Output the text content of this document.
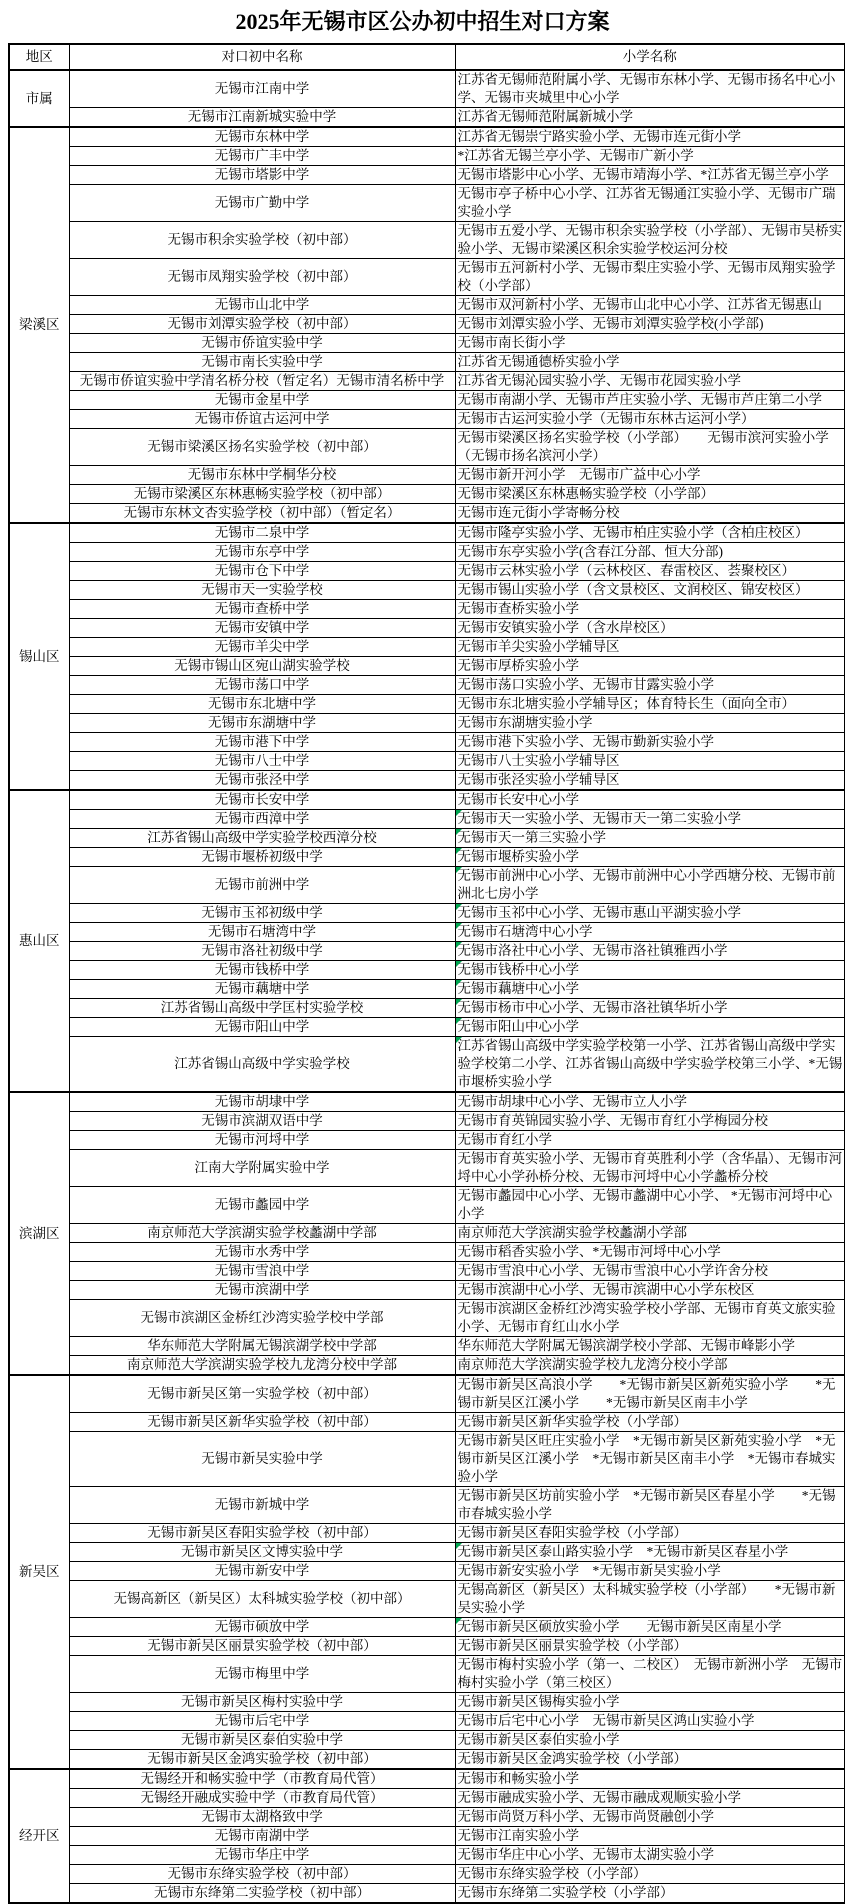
2025年无锡市区公办初中招生对口方案
地区	对口初中名称	小学名称
市属	无锡市江南中学	江苏省无锡师范附属小学、无锡市东林小学、无锡市扬名中心小学、无锡市夹城里中心小学
	无锡市江南新城实验中学	江苏省无锡师范附属新城小学
梁溪区	无锡市东林中学	江苏省无锡崇宁路实验小学、无锡市连元街小学
	无锡市广丰中学	*江苏省无锡兰亭小学、无锡市广新小学
	无锡市塔影中学	无锡市塔影中心小学、无锡市靖海小学、*江苏省无锡兰亭小学
	无锡市广勤中学	无锡市亭子桥中心小学、江苏省无锡通江实验小学、无锡市广瑞实验小学
	无锡市积余实验学校（初中部）	无锡市五爱小学、无锡市积余实验学校（小学部）、无锡市吴桥实验小学、无锡市梁溪区积余实验学校运河分校
	无锡市凤翔实验学校（初中部）	无锡市五河新村小学、无锡市梨庄实验小学、无锡市凤翔实验学校（小学部）
	无锡市山北中学	无锡市双河新村小学、无锡市山北中心小学、江苏省无锡惠山
	无锡市刘潭实验学校（初中部）	无锡市刘潭实验小学、无锡市刘潭实验学校(小学部)
	无锡市侨谊实验中学	无锡市南长街小学
	无锡市南长实验中学	江苏省无锡通德桥实验小学
	无锡市侨谊实验中学清名桥分校（暂定名）无锡市清名桥中学	江苏省无锡沁园实验小学、无锡市花园实验小学
	无锡市金星中学	无锡市南湖小学、无锡市芦庄实验小学、无锡市芦庄第二小学
	无锡市侨谊古运河中学	无锡市古运河实验小学（无锡市东林古运河小学）
	无锡市梁溪区扬名实验学校（初中部）	无锡市梁溪区扬名实验学校（小学部）　　无锡市滨河实验小学（无锡市扬名滨河小学）
	无锡市东林中学桐华分校	无锡市新开河小学　无锡市广益中心小学
	无锡市梁溪区东林惠畅实验学校（初中部）	无锡市梁溪区东林惠畅实验学校（小学部）
	无锡市东林文杏实验学校（初中部）（暂定名）	无锡市连元街小学寄畅分校
锡山区	无锡市二泉中学	无锡市隆亭实验小学、无锡市柏庄实验小学（含柏庄校区）
	无锡市东亭中学	无锡市东亭实验小学(含春江分部、恒大分部)
	无锡市仓下中学	无锡市云林实验小学（云林校区、春雷校区、荟聚校区）
	无锡市天一实验学校	无锡市锡山实验小学（含文景校区、文润校区、锦安校区）
	无锡市查桥中学	无锡市查桥实验小学
	无锡市安镇中学	无锡市安镇实验小学（含水岸校区）
	无锡市羊尖中学	无锡市羊尖实验小学辅导区
	无锡市锡山区宛山湖实验学校	无锡市厚桥实验小学
	无锡市荡口中学	无锡市荡口实验小学、无锡市甘露实验小学
	无锡市东北塘中学	无锡市东北塘实验小学辅导区；体育特长生（面向全市）
	无锡市东湖塘中学	无锡市东湖塘实验小学
	无锡市港下中学	无锡市港下实验小学、无锡市勤新实验小学
	无锡市八士中学	无锡市八士实验小学辅导区
	无锡市张泾中学	无锡市张泾实验小学辅导区
惠山区	无锡市长安中学	无锡市长安中心小学
	无锡市西漳中学	无锡市天一实验小学、无锡市天一第二实验小学
	江苏省锡山高级中学实验学校西漳分校	无锡市天一第三实验小学
	无锡市堰桥初级中学	无锡市堰桥实验小学
	无锡市前洲中学	无锡市前洲中心小学、无锡市前洲中心小学西塘分校、无锡市前洲北七房小学
	无锡市玉祁初级中学	无锡市玉祁中心小学、无锡市惠山平湖实验小学
	无锡市石塘湾中学	无锡市石塘湾中心小学
	无锡市洛社初级中学	无锡市洛社中心小学、无锡市洛社镇雅西小学
	无锡市钱桥中学	无锡市钱桥中心小学
	无锡市藕塘中学	无锡市藕塘中心小学
	江苏省锡山高级中学匡村实验学校	无锡市杨市中心小学、无锡市洛社镇华圻小学
	无锡市阳山中学	无锡市阳山中心小学
	江苏省锡山高级中学实验学校	江苏省锡山高级中学实验学校第一小学、江苏省锡山高级中学实验学校第二小学、江苏省锡山高级中学实验学校第三小学、*无锡市堰桥实验小学
滨湖区	无锡市胡埭中学	无锡市胡埭中心小学、无锡市立人小学
	无锡市滨湖双语中学	无锡市育英锦园实验小学、无锡市育红小学梅园分校
	无锡市河埒中学	无锡市育红小学
	江南大学附属实验中学	无锡市育英实验小学、无锡市育英胜利小学（含华晶）、无锡市河埒中心小学孙桥分校、无锡市河埒中心小学蠡桥分校
	无锡市蠡园中学	无锡市蠡园中心小学、无锡市蠡湖中心小学、 *无锡市河埒中心小学
	南京师范大学滨湖实验学校蠡湖中学部	南京师范大学滨湖实验学校蠡湖小学部
	无锡市水秀中学	无锡市稻香实验小学、*无锡市河埒中心小学
	无锡市雪浪中学	无锡市雪浪中心小学、无锡市雪浪中心小学许舍分校
	无锡市滨湖中学	无锡市滨湖中心小学、无锡市滨湖中心小学东校区
	无锡市滨湖区金桥红沙湾实验学校中学部	无锡市滨湖区金桥红沙湾实验学校小学部、无锡市育英文旅实验小学、无锡市育红山水小学
	华东师范大学附属无锡滨湖学校中学部	华东师范大学附属无锡滨湖学校小学部、无锡市峰影小学
	南京师范大学滨湖实验学校九龙湾分校中学部	南京师范大学滨湖实验学校九龙湾分校小学部
新吴区	无锡市新吴区第一实验学校（初中部）	无锡市新吴区高浪小学　　*无锡市新吴区新苑实验小学　　*无锡市新吴区江溪小学　　*无锡市新吴区南丰小学
	无锡市新吴区新华实验学校（初中部）	无锡市新吴区新华实验学校（小学部）
	无锡市新吴实验中学	无锡市新吴区旺庄实验小学　*无锡市新吴区新苑实验小学　*无锡市新吴区江溪小学　*无锡市新吴区南丰小学　*无锡市春城实验小学
	无锡市新城中学	无锡市新吴区坊前实验小学　*无锡市新吴区春星小学　　*无锡市春城实验小学
	无锡市新吴区春阳实验学校（初中部）	无锡市新吴区春阳实验学校（小学部）
	无锡市新吴区文博实验中学	无锡市新吴区泰山路实验小学　*无锡市新吴区春星小学
	无锡市新安中学	无锡市新安实验小学　*无锡市新吴实验小学
	无锡高新区（新吴区）太科城实验学校（初中部）	无锡高新区（新吴区）太科城实验学校（小学部）　　*无锡市新吴实验小学
	无锡市硕放中学	无锡市新吴区硕放实验小学　　无锡市新吴区南星小学
	无锡市新吴区丽景实验学校（初中部）	无锡市新吴区丽景实验学校（小学部）
	无锡市梅里中学	无锡市梅村实验小学（第一、二校区）　无锡市新洲小学　无锡市梅村实验小学（第三校区）
	无锡市新吴区梅村实验中学	无锡市新吴区锡梅实验小学
	无锡市后宅中学	无锡市后宅中心小学　无锡市新吴区鸿山实验小学
	无锡市新吴区泰伯实验中学	无锡市新吴区泰伯实验小学
	无锡市新吴区金鸿实验学校（初中部）	无锡市新吴区金鸿实验学校（小学部）
经开区	无锡经开和畅实验中学（市教育局代管）	无锡市和畅实验小学
	无锡经开融成实验中学（市教育局代管）	无锡市融成实验小学、无锡市融成观顺实验小学
	无锡市太湖格致中学	无锡市尚贤万科小学、无锡市尚贤融创小学
	无锡市南湖中学	无锡市江南实验小学
	无锡市华庄中学	无锡市华庄中心小学、无锡市太湖实验小学
	无锡市东绛实验学校（初中部）	无锡市东绛实验学校（小学部）
	无锡市东绛第二实验学校（初中部）	无锡市东绛第二实验学校（小学部）
